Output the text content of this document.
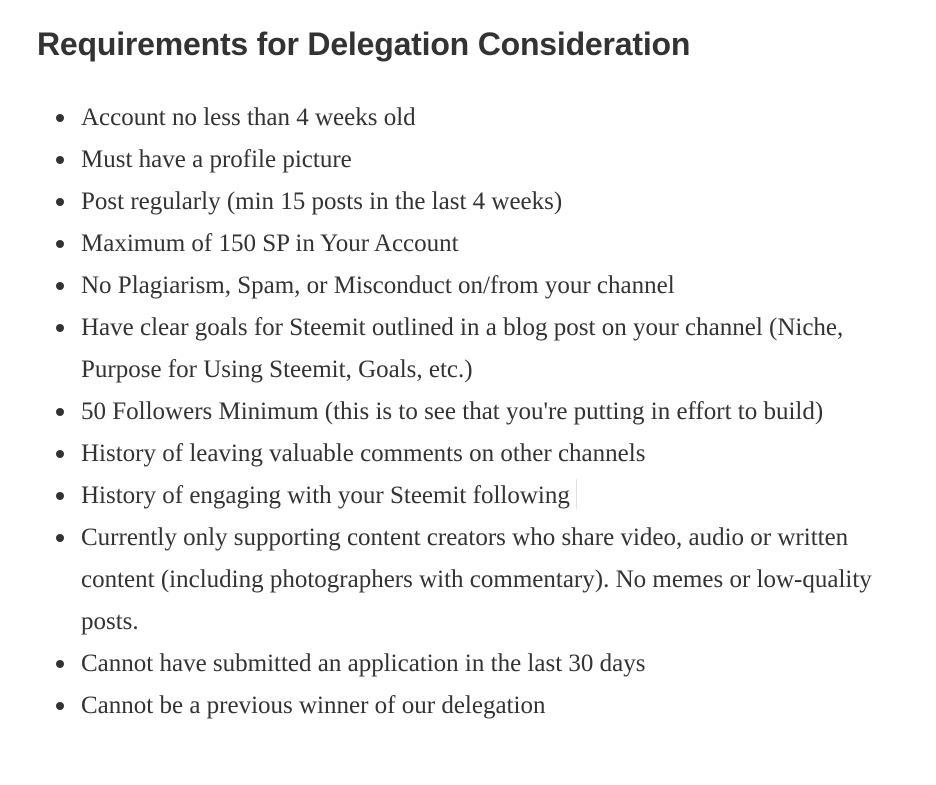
Requirements for Delegation Consideration
Account no less than 4 weeks old
Must have a profile picture
Post regularly (min 15 posts in the last 4 weeks)
Maximum of 150 SP in Your Account
No Plagiarism, Spam, or Misconduct on/from your channel
Have clear goals for Steemit outlined in a blog post on your channel (Niche, Purpose for Using Steemit, Goals, etc.)
50 Followers Minimum (this is to see that you're putting in effort to build)
History of leaving valuable comments on other channels
History of engaging with your Steemit following
Currently only supporting content creators who share video, audio or written content (including photographers with commentary). No memes or low-quality posts.
Cannot have submitted an application in the last 30 days
Cannot be a previous winner of our delegation
